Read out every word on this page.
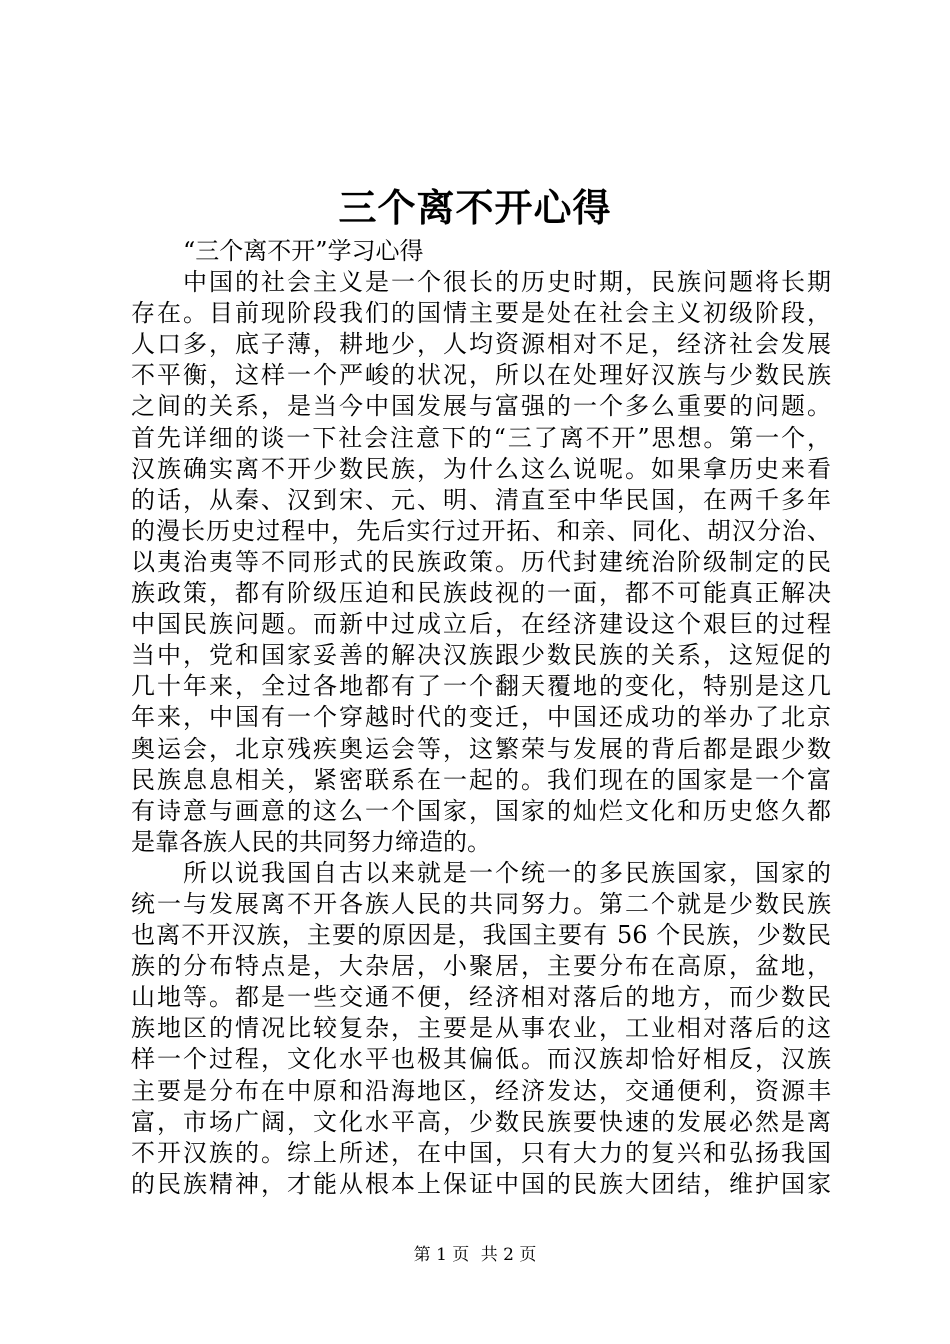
三个离不开心得
“三个离不开”学习心得
中国的社会主义是一个很长的历史时期，民族问题将长期
存在。目前现阶段我们的国情主要是处在社会主义初级阶段，
人口多，底子薄，耕地少，人均资源相对不足，经济社会发展
不平衡，这样一个严峻的状况，所以在处理好汉族与少数民族
之间的关系，是当今中国发展与富强的一个多么重要的问题。
首先详细的谈一下社会注意下的“三了离不开”思想。第一个，
汉族确实离不开少数民族，为什么这么说呢。如果拿历史来看
的话，从秦、汉到宋、元、明、清直至中华民国，在两千多年
的漫长历史过程中，先后实行过开拓、和亲、同化、胡汉分治、
以夷治夷等不同形式的民族政策。历代封建统治阶级制定的民
族政策，都有阶级压迫和民族歧视的一面，都不可能真正解决
中国民族问题。而新中过成立后，在经济建设这个艰巨的过程
当中，党和国家妥善的解决汉族跟少数民族的关系，这短促的
几十年来，全过各地都有了一个翻天覆地的变化，特别是这几
年来，中国有一个穿越时代的变迁，中国还成功的举办了北京
奥运会，北京残疾奥运会等，这繁荣与发展的背后都是跟少数
民族息息相关，紧密联系在一起的。我们现在的国家是一个富
有诗意与画意的这么一个国家，国家的灿烂文化和历史悠久都
是靠各族人民的共同努力缔造的。
所以说我国自古以来就是一个统一的多民族国家，国家的
统一与发展离不开各族人民的共同努力。第二个就是少数民族
也离不开汉族，主要的原因是，我国主要有 56 个民族，少数民
族的分布特点是，大杂居，小聚居，主要分布在高原，盆地，
山地等。都是一些交通不便，经济相对落后的地方，而少数民
族地区的情况比较复杂，主要是从事农业，工业相对落后的这
样一个过程，文化水平也极其偏低。而汉族却恰好相反，汉族
主要是分布在中原和沿海地区，经济发达，交通便利，资源丰
富，市场广阔，文化水平高，少数民族要快速的发展必然是离
不开汉族的。综上所述，在中国，只有大力的复兴和弘扬我国
的民族精神，才能从根本上保证中国的民族大团结，维护国家
第 1 页 共 2 页
